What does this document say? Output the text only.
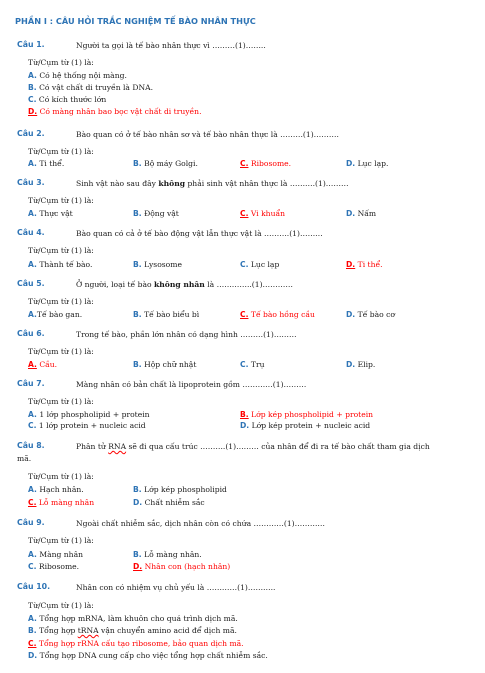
PHẦN I : CÂU HỎI TRẮC NGHIỆM TẾ BÀO NHÂN THỰC
Câu 1.	Người ta gọi là tế bào nhân thực vì ………(1)……..
Từ/Cụm từ (1) là:
A. Có hệ thống nội màng.
B. Có vật chất di truyền là DNA.
C. Có kích thước lớn
D. Có màng nhân bao bọc vật chất di truyền.
Câu 2.	Bào quan có ở tế bào nhân sơ và tế bào nhân thực là ………(1)……….
Từ/Cụm từ (1) là:
A. Ti thể.	B. Bộ máy Golgi.	C. Ribosome.	D. Lục lạp.
Câu 3.	Sinh vật nào sau đây không phải sinh vật nhân thực là ……….(1)………
Từ/Cụm từ (1) là:
A. Thực vật	B. Động vật	C. Vi khuẩn	D. Nấm
Câu 4.	Bào quan có cả ở tế bào động vật lẫn thực vật là ……….(1)………
Từ/Cụm từ (1) là:
A. Thành tế bào.	B. Lysosome	C. Lục lạp	D. Ti thể.
Câu 5.	Ở người, loại tế bào không nhân là …………..(1)…………
Từ/Cụm từ (1) là:
A.Tế bào gan.	B. Tế bào biểu bì	C. Tế bào hồng cầu	D. Tế bào cơ
Câu 6.	Trong tế bào, phần lớn nhân có dạng hình ………(1)………
Từ/Cụm từ (1) là:
A. Cầu.	B. Hộp chữ nhật	C. Trụ	D. Elip.
Câu 7.	Màng nhân có bản chất là lipoprotein gồm …………(1)………
Từ/Cụm từ (1) là:
A. 1 lớp phospholipid + protein	B. Lớp kép phospholipid + protein
C. 1 lớp protein + nucleic acid	D. Lớp kép protein + nucleic acid
Câu 8.	Phân tử RNA sẽ đi qua cấu trúc ……….(1)……… của nhân để đi ra tế bào chất tham gia dịch
mã.
Từ/Cụm từ (1) là:
A. Hạch nhân.	B. Lớp kép phospholipid
C. Lỗ màng nhân	D. Chất nhiễm sắc
Câu 9.	Ngoài chất nhiễm sắc, dịch nhân còn có chứa …………(1)…………
Từ/Cụm từ (1) là:
A. Màng nhân	B. Lỗ màng nhân.
C. Ribosome.	D. Nhân con (hạch nhân)
Câu 10.	Nhân con có nhiệm vụ chủ yếu là …………(1)………..
Từ/Cụm từ (1) là:
A. Tổng hợp mRNA, làm khuôn cho quá trình dịch mã.
B. Tổng hợp tRNA vận chuyển amino acid để dịch mã.
C. Tổng hợp rRNA cấu tạo ribosome, bảo quan dịch mã.
D. Tổng hợp DNA cung cấp cho việc tổng hợp chất nhiễm sắc.
